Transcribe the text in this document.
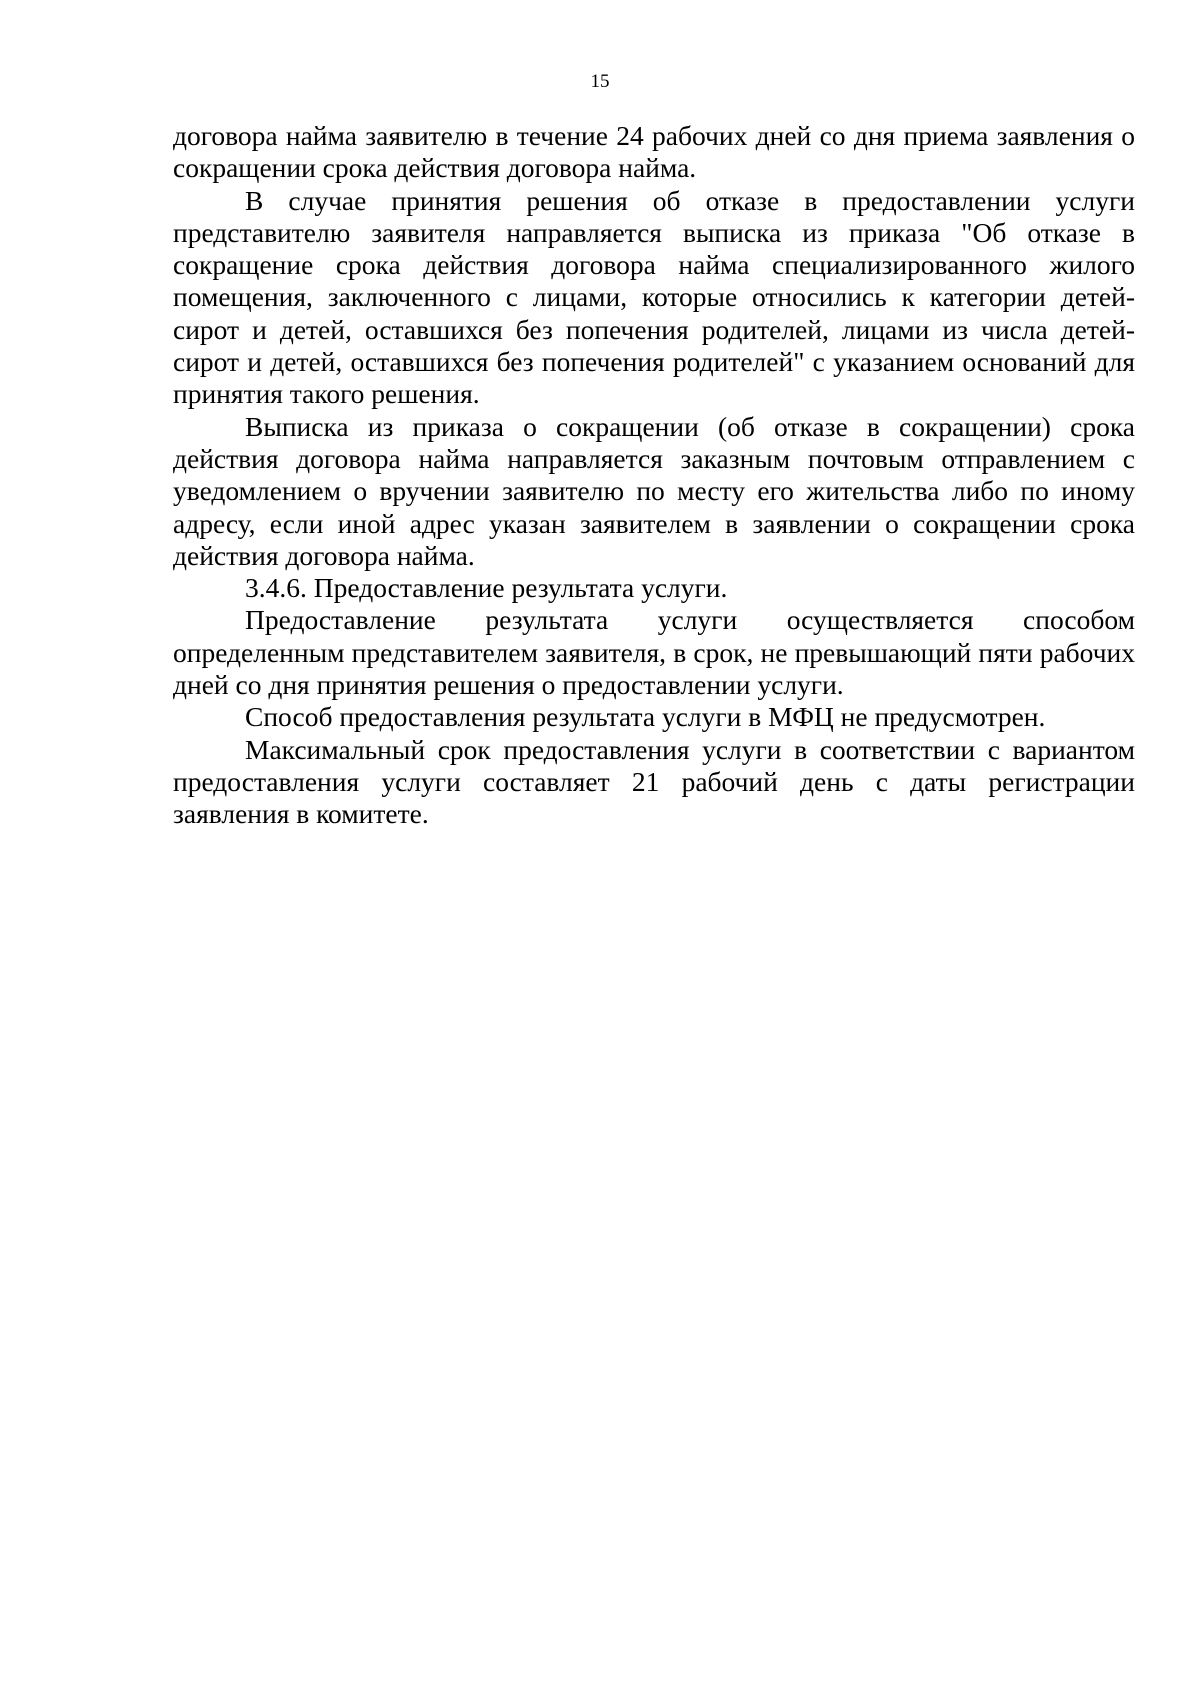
15

договора найма заявителю в течение 24 рабочих дней со дня приема заявления о сокращении срока действия договора найма.

В случае принятия решения об отказе в предоставлении услуги представителю заявителя направляется выписка из приказа "Об отказе в сокращение срока действия договора найма специализированного жилого помещения, заключенного с лицами, которые относились к категории детей-сирот и детей, оставшихся без попечения родителей, лицами из числа детей-сирот и детей, оставшихся без попечения родителей" с указанием оснований для принятия такого решения.

Выписка из приказа о сокращении (об отказе в сокращении) срока действия договора найма направляется заказным почтовым отправлением с уведомлением о вручении заявителю по месту его жительства либо по иному адресу, если иной адрес указан заявителем в заявлении о сокращении срока действия договора найма.

3.4.6. Предоставление результата услуги.

Предоставление результата услуги осуществляется способом определенным представителем заявителя, в срок, не превышающий пяти рабочих дней со дня принятия решения о предоставлении услуги.

Способ предоставления результата услуги в МФЦ не предусмотрен.

Максимальный срок предоставления услуги в соответствии с вариантом предоставления услуги составляет 21 рабочий день с даты регистрации заявления в комитете.
